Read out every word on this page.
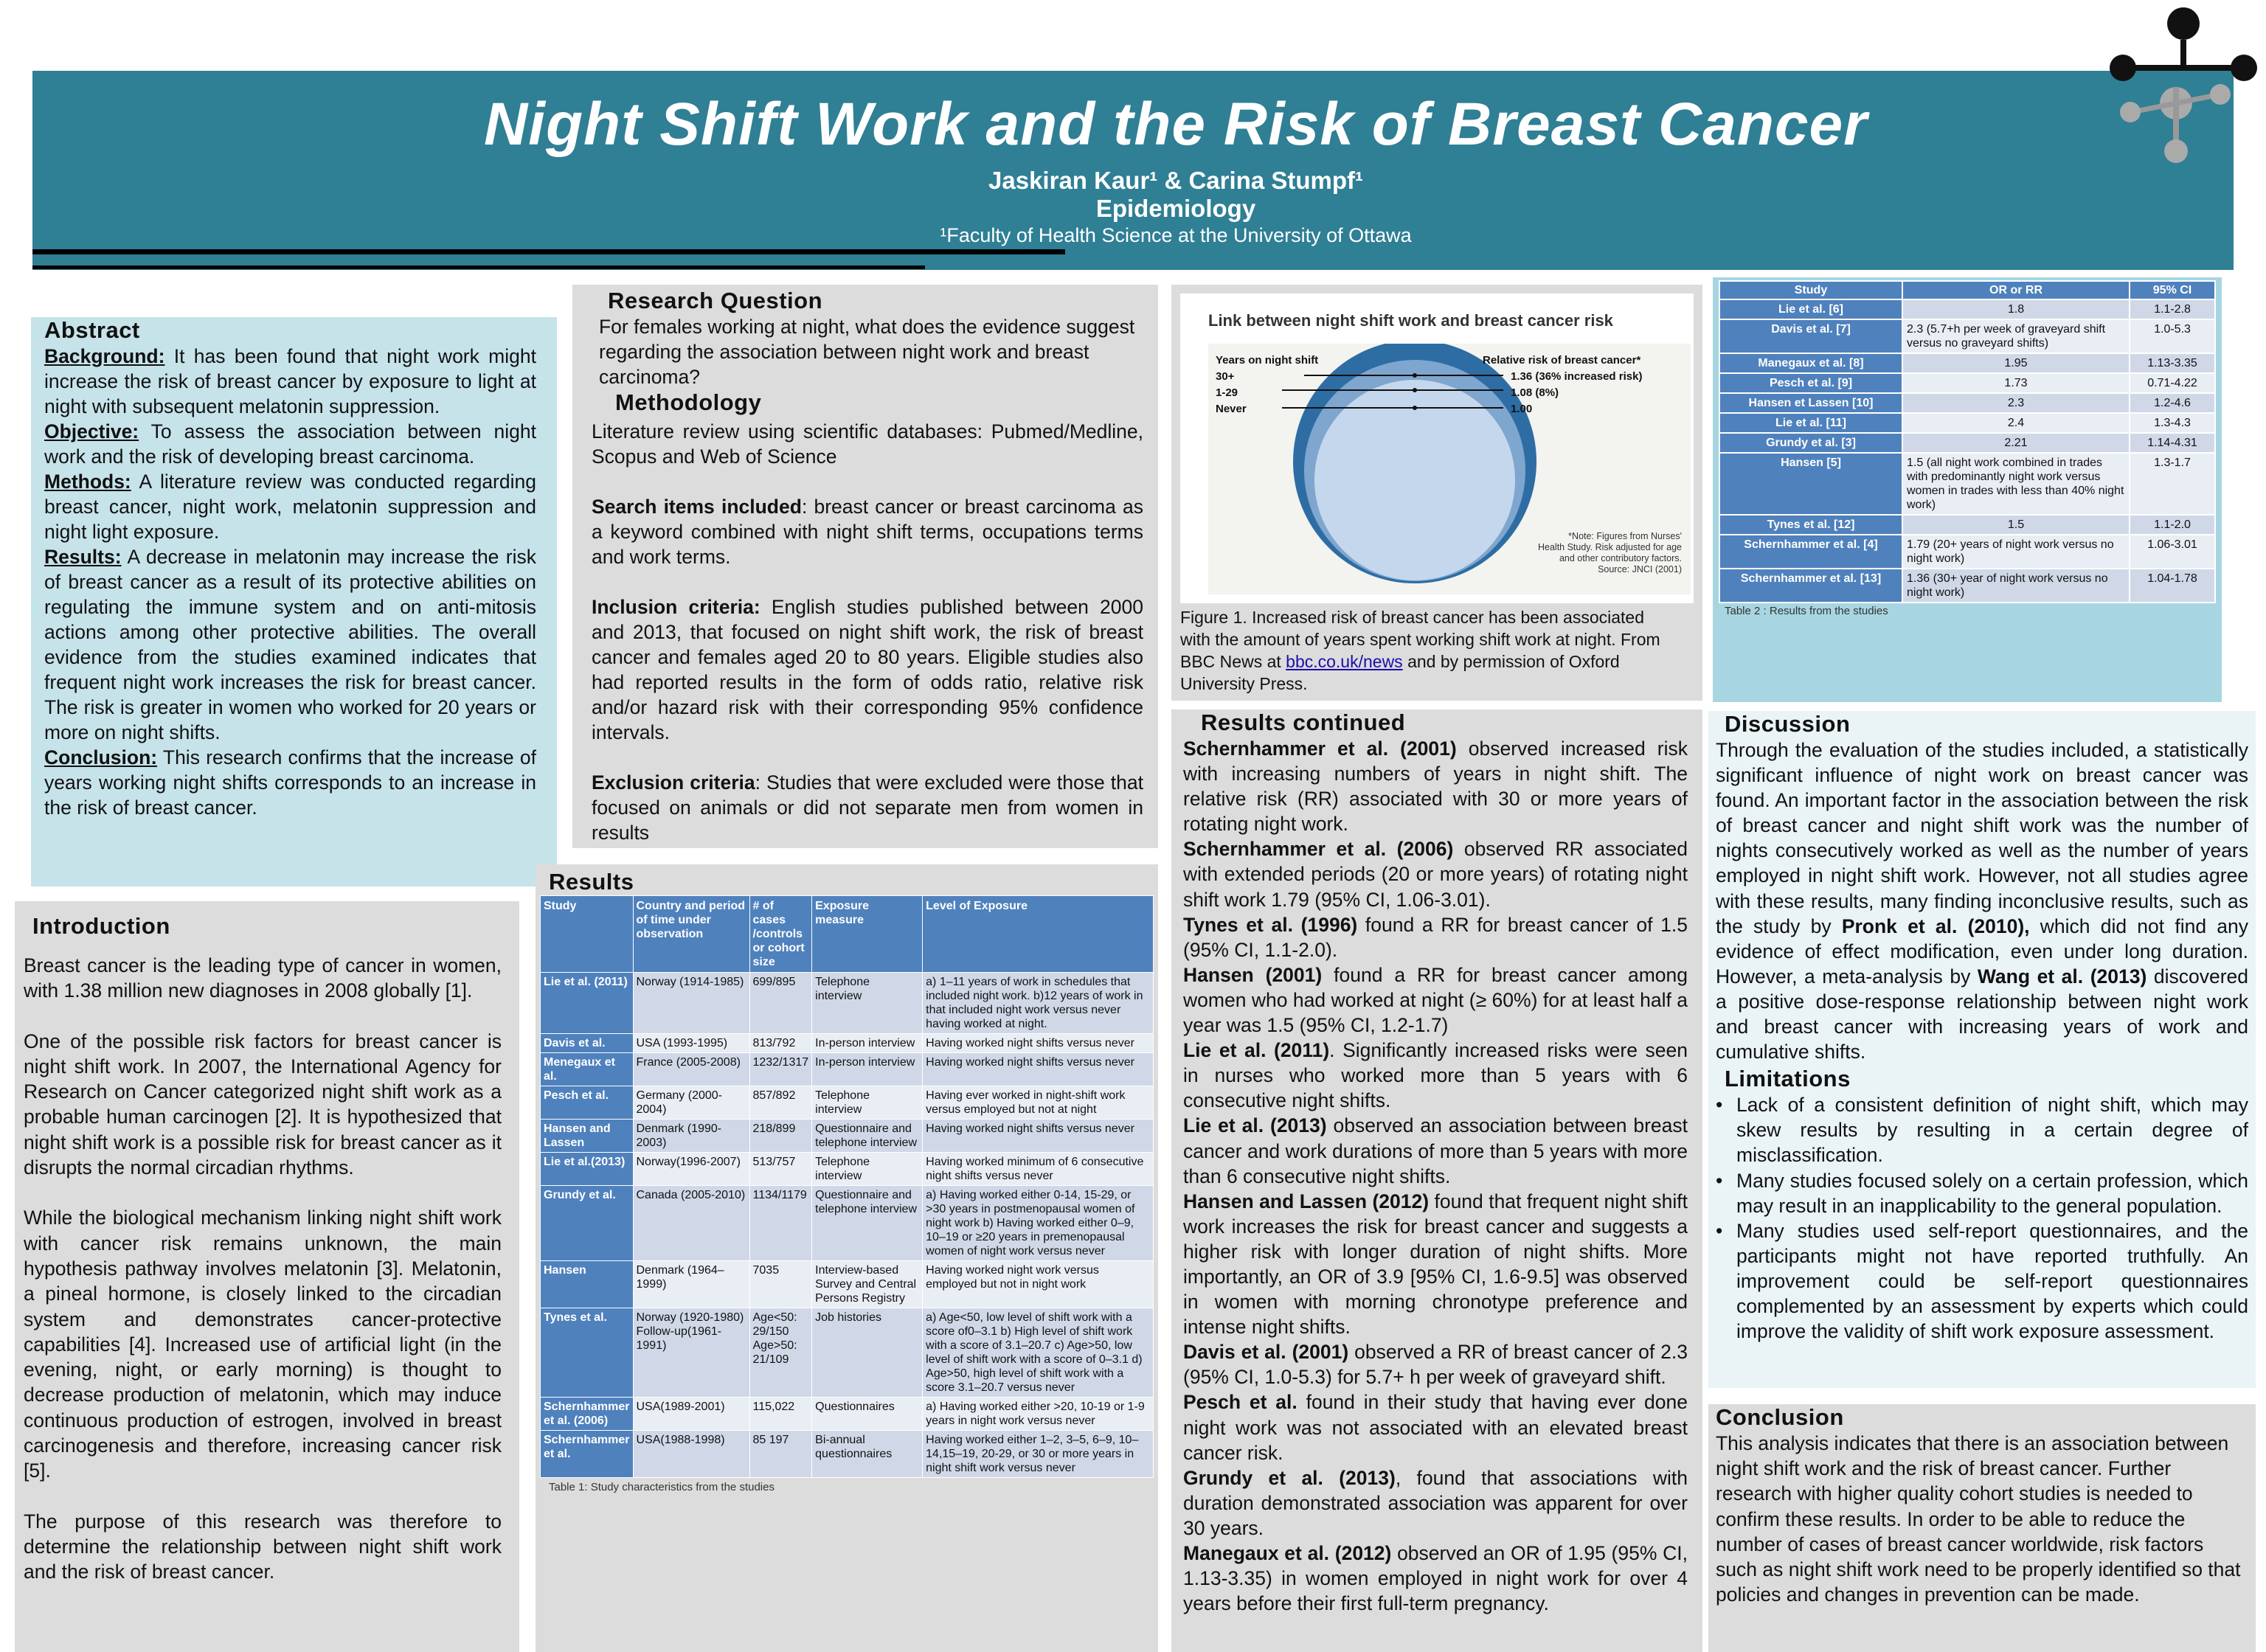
Night Shift Work and the Risk of Breast Cancer
Jaskiran Kaur¹ & Carina Stumpf¹
Epidemiology
¹Faculty of Health Science at the University of Ottawa
Abstract
Background: It has been found that night work might increase the risk of breast cancer by exposure to light at night with subsequent melatonin suppression.
Objective: To assess the association between night work and the risk of developing breast carcinoma.
Methods: A literature review was conducted regarding breast cancer, night work, melatonin suppression and night light exposure.
Results: A decrease in melatonin may increase the risk of breast cancer as a result of its protective abilities on regulating the immune system and on anti-mitosis actions among other protective abilities. The overall evidence from the studies examined indicates that frequent night work increases the risk for breast cancer. The risk is greater in women who worked for 20 years or more on night shifts.
Conclusion: This research confirms that the increase of years working night shifts corresponds to an increase in the risk of breast cancer.
Introduction

Breast cancer is the leading type of cancer in women, with 1.38 million new diagnoses in 2008 globally [1].

One of the possible risk factors for breast cancer is night shift work. In 2007, the International Agency for Research on Cancer categorized night shift work as a probable human carcinogen [2]. It is hypothesized that night shift work is a possible risk for breast cancer as it disrupts the normal circadian rhythms.

While the biological mechanism linking night shift work with cancer risk remains unknown, the main hypothesis pathway involves melatonin [3]. Melatonin, a pineal hormone, is closely linked to the circadian system and demonstrates cancer-protective capabilities [4]. Increased use of artificial light (in the evening, night, or early morning) is thought to decrease production of melatonin, which may induce continuous production of estrogen, involved in breast carcinogenesis and therefore, increasing cancer risk [5].

The purpose of this research was therefore to determine the relationship between night shift work and the risk of breast cancer.

Research Question
For females working at night, what does the evidence suggest regarding the association between night work and breast carcinoma?
Methodology

Literature review using scientific databases: Pubmed/Medline, Scopus and Web of Science

Search items included: breast cancer or breast carcinoma as a keyword combined with night shift terms, occupations terms and work terms.

Inclusion criteria: English studies published between 2000 and 2013, that focused on night shift work, the risk of breast cancer and females aged 20 to 80 years. Eligible studies also had reported results in the form of odds ratio, relative risk and/or hazard risk with their corresponding 95% confidence intervals.

Exclusion criteria: Studies that were excluded were those that focused on animals or did not separate men from women in results

Results
Study	Country and period of time under observation	# of cases /controls or cohort size	Exposure measure	Level of Exposure
Lie et al. (2011)	Norway (1914-1985)	699/895	Telephone interview	a) 1–11 years of work in schedules that included night work. b)12 years of work in that included night work versus never having worked at night.
Davis et al.	USA (1993-1995)	813/792	In-person interview	Having worked night shifts versus never
Menegaux et al.	France (2005-2008)	1232/1317	In-person interview	Having worked night shifts versus never
Pesch et al.	Germany (2000-2004)	857/892	Telephone interview	Having ever worked in night-shift work versus employed but not at night
Hansen and Lassen	Denmark (1990-2003)	218/899	Questionnaire and telephone interview	Having worked night shifts versus never
Lie et al.(2013)	Norway(1996-2007)	513/757	Telephone interview	Having worked minimum of 6 consecutive night shifts versus never
Grundy et al.	Canada (2005-2010)	1134/1179	Questionnaire and telephone interview	a) Having worked either 0-14, 15-29, or >30 years in postmenopausal women of night work b) Having worked either 0–9, 10–19 or ≥20 years in premenopausal women of night work versus never
Hansen	Denmark (1964–1999)	7035	Interview-based Survey and Central Persons Registry	Having worked night work versus employed but not in night work
Tynes et al.	Norway (1920-1980) Follow-up(1961-1991)	Age<50: 29/150 Age>50: 21/109	Job histories	a) Age<50, low level of shift work with a score of0–3.1 b) High level of shift work with a score of 3.1–20.7 c) Age>50, low level of shift work with a score of 0–3.1 d) Age>50, high level of shift work with a score 3.1–20.7 versus never
Schernhammer et al. (2006)	USA(1989-2001)	115,022	Questionnaires	a) Having worked either >20, 10-19 or 1-9 years in night work versus never
Schernhammer et al.	USA(1988-1998)	85 197	Bi-annual questionnaires	Having worked either 1–2, 3–5, 6–9, 10–14,15–19, 20-29, or 30 or more years in night shift work versus never
Table 1: Study characteristics from the studies
Link between night shift work and breast cancer risk
Years on night shift	Relative risk of breast cancer*
30+
1-29
Never
1.36 (36% increased risk)
1.08 (8%)
1.00
*Note: Figures from Nurses'
Health Study. Risk adjusted for age
and other contributory factors.
Source: JNCI (2001)
Figure 1. Increased risk of breast cancer has been associated with the amount of years spent working shift work at night. From BBC News at bbc.co.uk/news and by permission of Oxford University Press.
Results continued

Schernhammer et al. (2001) observed increased risk with increasing numbers of years in night shift. The relative risk (RR) associated with 30 or more years of rotating night work.

Schernhammer et al. (2006) observed RR associated with extended periods (20 or more years) of rotating night shift work 1.79 (95% CI, 1.06-3.01).

Tynes et al. (1996) found a RR for breast cancer of 1.5 (95% CI, 1.1-2.0).

Hansen (2001) found a RR for breast cancer among women who had worked at night (≥ 60%) for at least half a year was 1.5 (95% CI, 1.2-1.7)

Lie et al. (2011). Significantly increased risks were seen in nurses who worked more than 5 years with 6 consecutive night shifts.

Lie et al. (2013) observed an association between breast cancer and work durations of more than 5 years with more than 6 consecutive night shifts.

Hansen and Lassen (2012) found that frequent night shift work increases the risk for breast cancer and suggests a higher risk with longer duration of night shifts. More importantly, an OR of 3.9 [95% CI, 1.6-9.5] was observed in women with morning chronotype preference and intense night shifts.

Davis et al. (2001) observed a RR of breast cancer of 2.3 (95% CI, 1.0-5.3) for 5.7+ h per week of graveyard shift.

Pesch et al. found in their study that having ever done night work was not associated with an elevated breast cancer risk.

Grundy et al. (2013), found that associations with duration demonstrated association was apparent for over 30 years.

Manegaux et al. (2012) observed an OR of 1.95 (95% CI, 1.13-3.35) in women employed in night work for over 4 years before their first full-term pregnancy.

Study	OR or RR	95% CI
Lie et al. [6]	1.8	1.1-2.8
Davis et al. [7]	2.3 (5.7+h per week of graveyard shift versus no graveyard shifts)	1.0-5.3
Manegaux et al. [8]	1.95	1.13-3.35
Pesch et al. [9]	1.73	0.71-4.22
Hansen et Lassen [10]	2.3	1.2-4.6
Lie et al. [11]	2.4	1.3-4.3
Grundy et al. [3]	2.21	1.14-4.31
Hansen [5]	1.5 (all night work combined in trades with predominantly night work versus women in trades with less than 40% night work)	1.3-1.7
Tynes et al. [12]	1.5	1.1-2.0
Schernhammer et al. [4]	1.79 (20+ years of night work versus no night work)	1.06-3.01
Schernhammer et al. [13]	1.36 (30+ year of night work versus no night work)	1.04-1.78
Table 2 : Results from the studies
Discussion
Through the evaluation of the studies included, a statistically significant influence of night work on breast cancer was found. An important factor in the association between the risk of breast cancer and night shift work was the number of nights consecutively worked as well as the number of years employed in night shift work. However, not all studies agree with these results, many finding inconclusive results, such as the study by Pronk et al. (2010), which did not find any evidence of effect modification, even under long duration. However, a meta-analysis by Wang et al. (2013) discovered a positive dose-response relationship between night work and breast cancer with increasing years of work and cumulative shifts.
Limitations
• Lack of a consistent definition of night shift, which may skew results by resulting in a certain degree of misclassification.
• Many studies focused solely on a certain profession, which may result in an inapplicability to the general population.
• Many studies used self-report questionnaires, and the participants might not have reported truthfully. An improvement could be self-report questionnaires complemented by an assessment by experts which could improve the validity of shift work exposure assessment.
Conclusion
This analysis indicates that there is an association between night shift work and the risk of breast cancer. Further research with higher quality cohort studies is needed to confirm these results. In order to be able to reduce the number of cases of breast cancer worldwide, risk factors such as night shift work need to be properly identified so that policies and changes in prevention can be made.
